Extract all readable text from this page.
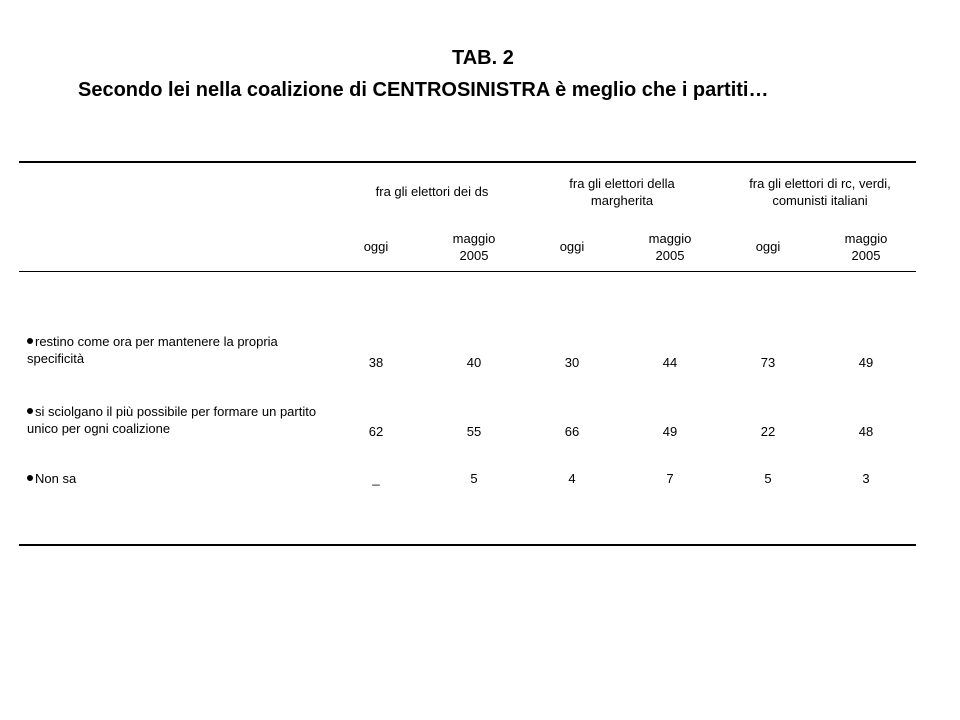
TAB. 2
Secondo lei nella coalizione di CENTROSINISTRA è meglio che i partiti…
fra gli elettori dei ds
fra gli elettori della margherita
fra gli elettori di rc, verdi, comunisti italiani
oggi
maggio 2005
oggi
maggio 2005
oggi
maggio 2005
restino come ora per mantenere la propria specificità	38	40	30	44	73	49
si sciolgano il più possibile per formare un partito unico per ogni coalizione	62	55	66	49	22	48
Non sa	_	5	4	7	5	3
